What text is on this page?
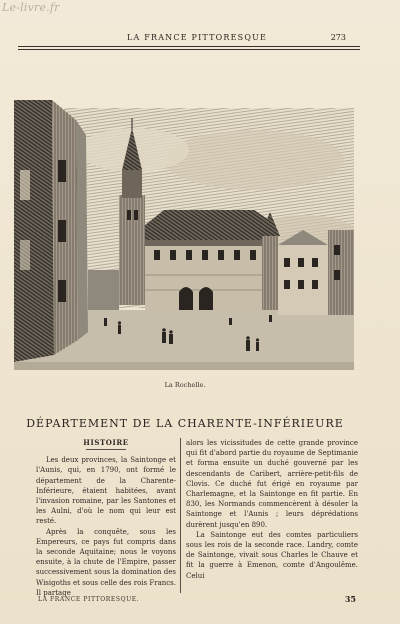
Le-livre.fr
LA FRANCE PITTORESQUE	273
La Rochelle.
DÉPARTEMENT DE LA CHARENTE-INFÉRIEURE
HISTOIRE
Les deux provinces, la Saintonge et l'Aunis, qui, en 1790, ont formé le département de la Charente-Inférieure, étaient habitées, avant l'invasion romaine, par les Santones et les Aulni, d'où le nom qui leur est resté.
Après la conquête, sous les Empereurs, ce pays fut compris dans la seconde Aquitaine; nous le voyons ensuite, à la chute de l'Empire, passer successivement sous la domination des Wisigoths et sous celle des rois Francs. Il partage
alors les vicissitudes de cette grande province qui fit d'abord partie du royaume de Septimanie et forma ensuite un duché gouverné par les descendants de Caribert, arrière-petit-fils de Clovis. Ce duché fut érigé en royaume par Charlemagne, et la Saintonge en fit partie. En 830, les Normands commencèrent à désoler la Saintonge et l'Aunis ; leurs déprédations durèrent jusqu'en 890.
La Saintonge eut des comtes particuliers sous les rois de la seconde race. Landry, comte de Saintonge, vivait sous Charles le Chauve et fit la guerre à Emenon, comte d'Angoulême. Celui
LA FRANCE PITTORESQUE.	35
